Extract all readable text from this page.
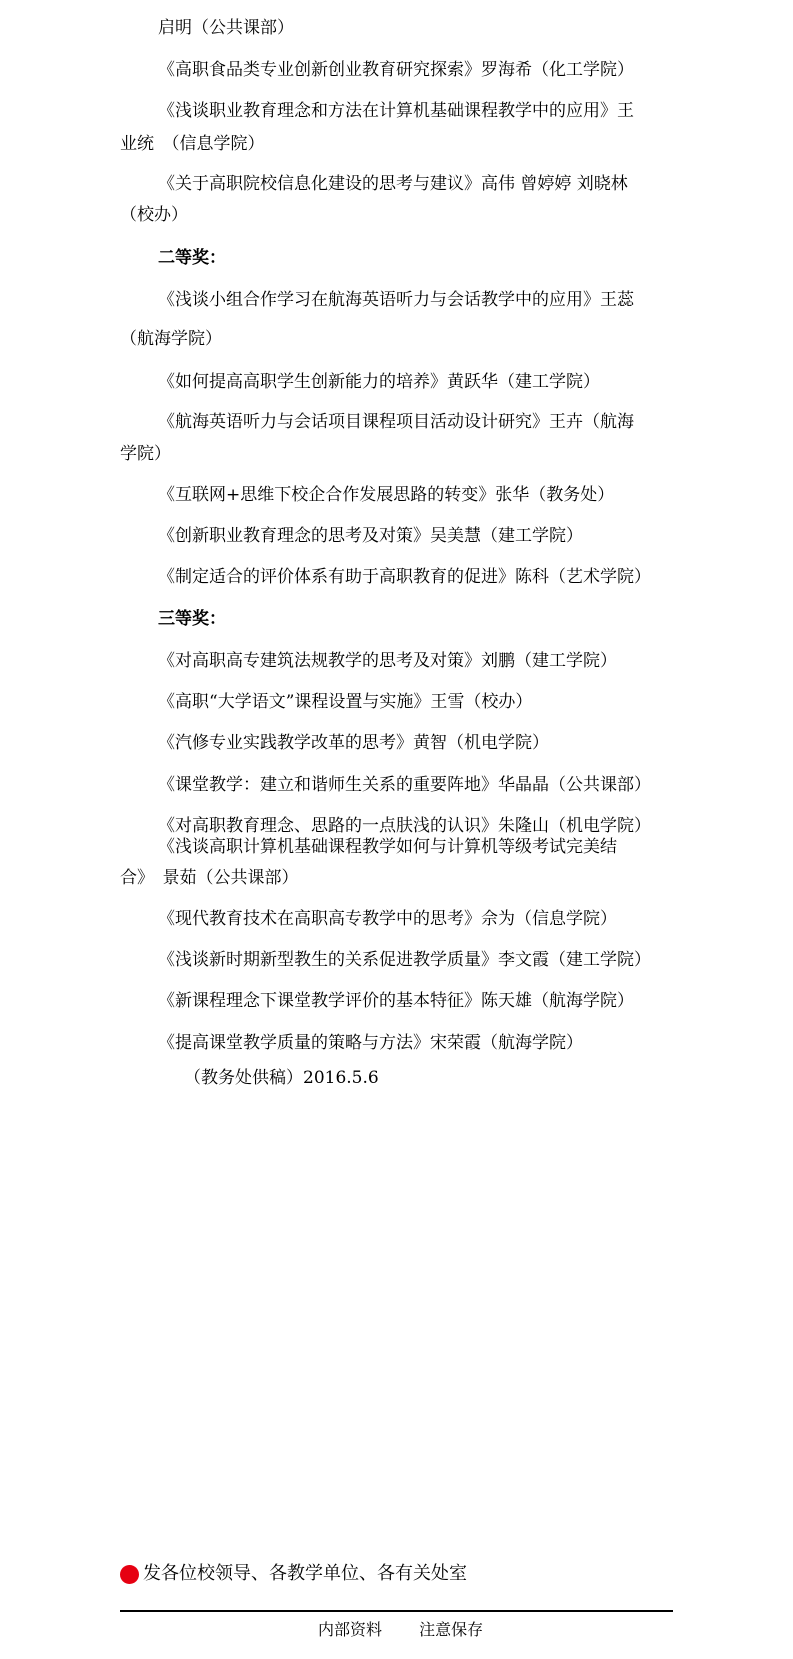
启明（公共课部）
《高职食品类专业创新创业教育研究探索》罗海希（化工学院）
《浅谈职业教育理念和方法在计算机基础课程教学中的应用》王
业统　（信息学院）
《关于高职院校信息化建设的思考与建议》高伟 曾婷婷 刘晓林
（校办）
二等奖：
《浅谈小组合作学习在航海英语听力与会话教学中的应用》王蕊
（航海学院）
《如何提高高职学生创新能力的培养》黄跃华（建工学院）
《航海英语听力与会话项目课程项目活动设计研究》王卉（航海
学院）
《互联网+思维下校企合作发展思路的转变》张华（教务处）
《创新职业教育理念的思考及对策》吴美慧（建工学院）
《制定适合的评价体系有助于高职教育的促进》陈科（艺术学院）
三等奖：
《对高职高专建筑法规教学的思考及对策》刘鹏（建工学院）
《高职“大学语文”课程设置与实施》王雪（校办）
《汽修专业实践教学改革的思考》黄智（机电学院）
《课堂教学：建立和谐师生关系的重要阵地》华晶晶（公共课部）
《对高职教育理念、思路的一点肤浅的认识》朱隆山（机电学院）
《浅谈高职计算机基础课程教学如何与计算机等级考试完美结
合》　景茹（公共课部）
《现代教育技术在高职高专教学中的思考》佘为（信息学院）
《浅谈新时期新型教生的关系促进教学质量》李文霞（建工学院）
《新课程理念下课堂教学评价的基本特征》陈天雄（航海学院）
《提高课堂教学质量的策略与方法》宋荣霞（航海学院）
（教务处供稿）2016.5.6
发各位校领导、各教学单位、各有关处室
内部资料 注意保存
